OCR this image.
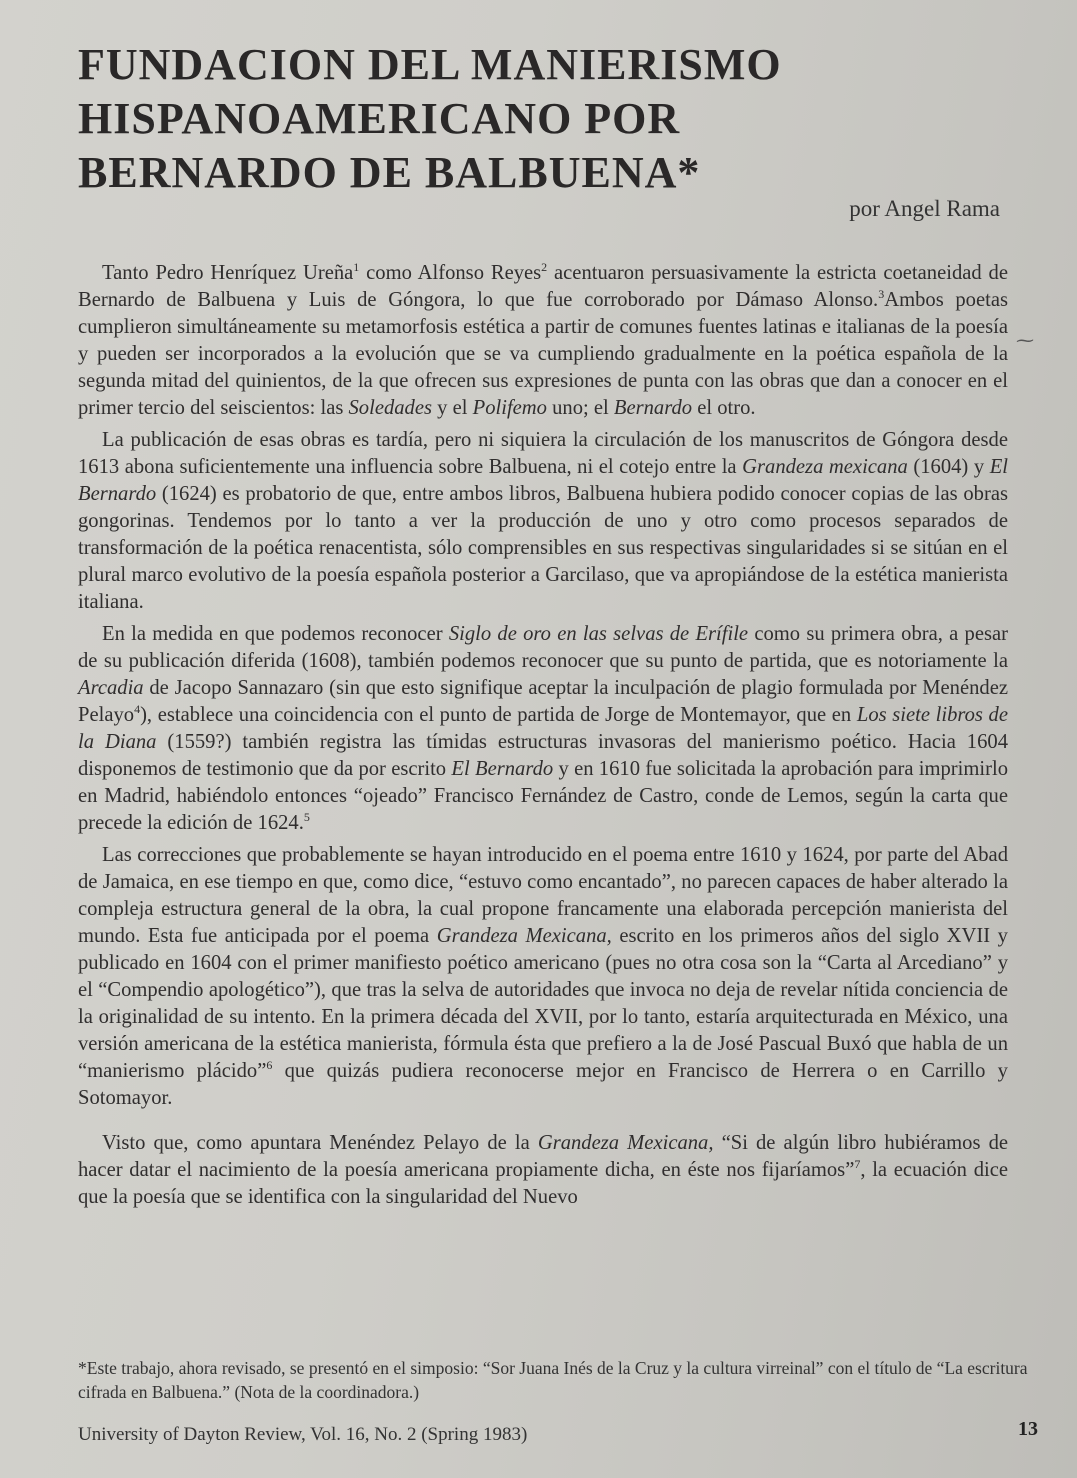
FUNDACION DEL MANIERISMO
HISPANOAMERICANO POR
BERNARDO DE BALBUENA*
por Angel Rama
⁓

Tanto Pedro Henríquez Ureña$^1$ como Alfonso Reyes$^2$ acentuaron persuasivamente la estricta coetaneidad de Bernardo de Balbuena y Luis de Góngora, lo que fue corroborado por Dámaso Alonso.$^3$Ambos poetas cumplieron simultáneamente su metamorfosis estética a partir de comunes fuentes latinas e italianas de la poesía y pueden ser incorporados a la evolución que se va cumpliendo gradualmente en la poética española de la segunda mitad del quinientos, de la que ofrecen sus expresiones de punta con las obras que dan a conocer en el primer tercio del seiscientos: las Soledades y el Polifemo uno; el Bernardo el otro.

La publicación de esas obras es tardía, pero ni siquiera la circulación de los manuscritos de Góngora desde 1613 abona suficientemente una influencia sobre Balbuena, ni el cotejo entre la Grandeza mexicana (1604) y El Bernardo (1624) es probatorio de que, entre ambos libros, Balbuena hubiera podido conocer copias de las obras gongorinas. Tendemos por lo tanto a ver la producción de uno y otro como procesos separados de transformación de la poética renacentista, sólo comprensibles en sus respectivas singularidades si se sitúan en el plural marco evolutivo de la poesía española posterior a Garcilaso, que va apropiándose de la estética manierista italiana.

En la medida en que podemos reconocer Siglo de oro en las selvas de Erífile como su primera obra, a pesar de su publicación diferida (1608), también podemos reconocer que su punto de partida, que es notoriamente la Arcadia de Jacopo Sannazaro (sin que esto signifique aceptar la inculpación de plagio formulada por Menéndez Pelayo$^4$), establece una coincidencia con el punto de partida de Jorge de Montemayor, que en Los siete libros de la Diana (1559?) también registra las tímidas estructuras invasoras del manierismo poético. Hacia 1604 disponemos de testimonio que da por escrito El Bernardo y en 1610 fue solicitada la aprobación para imprimirlo en Madrid, habiéndolo entonces “ojeado” Francisco Fernández de Castro, conde de Lemos, según la carta que precede la edición de 1624.$^5$

Las correcciones que probablemente se hayan introducido en el poema entre 1610 y 1624, por parte del Abad de Jamaica, en ese tiempo en que, como dice, “estuvo como encantado”, no parecen capaces de haber alterado la compleja estructura general de la obra, la cual propone francamente una elaborada percepción manierista del mundo. Esta fue anticipada por el poema Grandeza Mexicana, escrito en los primeros años del siglo XVII y publicado en 1604 con el primer manifiesto poético americano (pues no otra cosa son la “Carta al Arcediano” y el “Compendio apologético”), que tras la selva de autoridades que invoca no deja de revelar nítida conciencia de la originalidad de su intento. En la primera década del XVII, por lo tanto, estaría arquitecturada en México, una versión americana de la estética manierista, fórmula ésta que prefiero a la de José Pascual Buxó que habla de un “manierismo plácido”$^6$ que quizás pudiera reconocerse mejor en Francisco de Herrera o en Carrillo y Sotomayor.

Visto que, como apuntara Menéndez Pelayo de la Grandeza Mexicana, “Si de algún libro hubiéramos de hacer datar el nacimiento de la poesía americana propiamente dicha, en éste nos fijaríamos”$^7$, la ecuación dice que la poesía que se identifica con la singularidad del Nuevo

*Este trabajo, ahora revisado, se presentó en el simposio: “Sor Juana Inés de la Cruz y la cultura virreinal” con el título de “La escritura cifrada en Balbuena.” (Nota de la coordinadora.)
University of Dayton Review, Vol. 16, No. 2 (Spring 1983)	13
